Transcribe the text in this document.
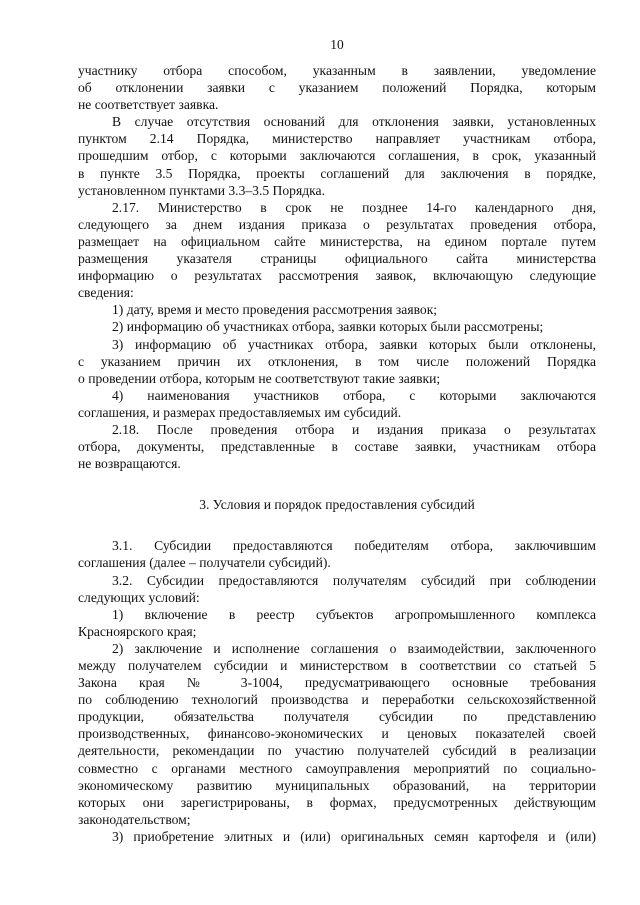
10

участнику отбора способом, указанным в заявлении, уведомление
об отклонении заявки с указанием положений Порядка, которым
не соответствует заявка.

В случае отсутствия оснований для отклонения заявки, установленных
пунктом 2.14 Порядка, министерство направляет участникам отбора,
прошедшим отбор, с которыми заключаются соглашения, в срок, указанный
в пункте 3.5 Порядка, проекты соглашений для заключения в порядке,
установленном пунктами 3.3–3.5 Порядка.

2.17. Министерство в срок не позднее 14-го календарного дня,
следующего за днем издания приказа о результатах проведения отбора,
размещает на официальном сайте министерства, на едином портале путем
размещения указателя страницы официального сайта министерства
информацию о результатах рассмотрения заявок, включающую следующие
сведения:

1) дату, время и место проведения рассмотрения заявок;

2) информацию об участниках отбора, заявки которых были рассмотрены;

3) информацию об участниках отбора, заявки которых были отклонены,
с указанием причин их отклонения, в том числе положений Порядка
о проведении отбора, которым не соответствуют такие заявки;

4) наименования участников отбора, с которыми заключаются
соглашения, и размерах предоставляемых им субсидий.

2.18. После проведения отбора и издания приказа о результатах
отбора, документы, представленные в составе заявки, участникам отбора
не возвращаются.

3. Условия и порядок предоставления субсидий

3.1. Субсидии предоставляются победителям отбора, заключившим
соглашения (далее – получатели субсидий).

3.2. Субсидии предоставляются получателям субсидий при соблюдении
следующих условий:

1) включение в реестр субъектов агропромышленного комплекса
Красноярского края;

2) заключение и исполнение соглашения о взаимодействии, заключенного
между получателем субсидии и министерством в соответствии со статьей 5
Закона края № 3-1004, предусматривающего основные требования
по соблюдению технологий производства и переработки сельскохозяйственной
продукции, обязательства получателя субсидии по представлению
производственных, финансово-экономических и ценовых показателей своей
деятельности, рекомендации по участию получателей субсидий в реализации
совместно с органами местного самоуправления мероприятий по социально-
экономическому развитию муниципальных образований, на территории
которых они зарегистрированы, в формах, предусмотренных действующим
законодательством;

3) приобретение элитных и (или) оригинальных семян картофеля и (или)
